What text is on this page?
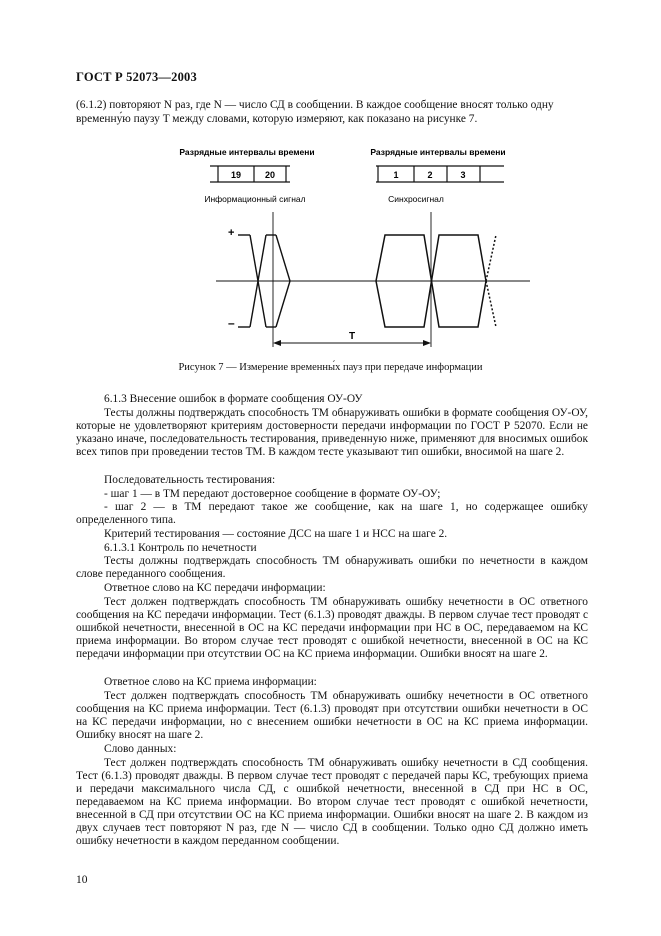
ГОСТ Р 52073—2003
(6.1.2) повторяют N раз, где N — число СД в сообщении. В каждое сообщение вносят только одну
временну́ю паузу T между словами, которую измеряют, как показано на рисунке 7.
Разрядные интервалы времени	Разрядные интервалы времени
19	20	1	2	3
Информационный сигнал	Синхросигнал
+
–
T
Рисунок 7 — Измерение временны́х пауз при передаче информации
6.1.3 Внесение ошибок в формате сообщения ОУ-ОУ
Тесты должны подтверждать способность ТМ обнаруживать ошибки в формате сообщения ОУ-ОУ, которые не удовлетворяют критериям достоверности передачи информации по ГОСТ Р 52070. Если не указано иначе, последовательность тестирования, приведенную ниже, применяют для вносимых ошибок всех типов при проведении тестов ТМ. В каждом тесте указывают тип ошибки, вносимой на шаге 2.
Последовательность тестирования:
- шаг 1 — в ТМ передают достоверное сообщение в формате ОУ-ОУ;
- шаг 2 — в ТМ передают такое же сообщение, как на шаге 1, но содержащее ошибку определенного типа.
Критерий тестирования — состояние ДСС на шаге 1 и НСС на шаге 2.
6.1.3.1 Контроль по нечетности
Тесты должны подтверждать способность ТМ обнаруживать ошибки по нечетности в каждом слове переданного сообщения.
Ответное слово на КС передачи информации:
Тест должен подтверждать способность ТМ обнаруживать ошибку нечетности в ОС ответного сообщения на КС передачи информации. Тест (6.1.3) проводят дважды. В первом случае тест проводят с ошибкой нечетности, внесенной в ОС на КС передачи информации при НС в ОС, передаваемом на КС приема информации. Во втором случае тест проводят с ошибкой нечетности, внесенной в ОС на КС передачи информации при отсутствии ОС на КС приема информации. Ошибки вносят на шаге 2.
Ответное слово на КС приема информации:
Тест должен подтверждать способность ТМ обнаруживать ошибку нечетности в ОС ответного сообщения на КС приема информации. Тест (6.1.3) проводят при отсутствии ошибки нечетности в ОС на КС передачи информации, но с внесением ошибки нечетности в ОС на КС приема информации. Ошибку вносят на шаге 2.
Слово данных:
Тест должен подтверждать способность ТМ обнаруживать ошибку нечетности в СД сообщения. Тест (6.1.3) проводят дважды. В первом случае тест проводят с передачей пары КС, требующих приема и передачи максимального числа СД, с ошибкой нечетности, внесенной в СД при НС в ОС, передаваемом на КС приема информации. Во втором случае тест проводят с ошибкой нечетности, внесенной в СД при отсутствии ОС на КС приема информации. Ошибки вносят на шаге 2. В каждом из двух случаев тест повторяют N раз, где N — число СД в сообщении. Только одно СД должно иметь ошибку нечетности в каждом переданном сообщении.
10
